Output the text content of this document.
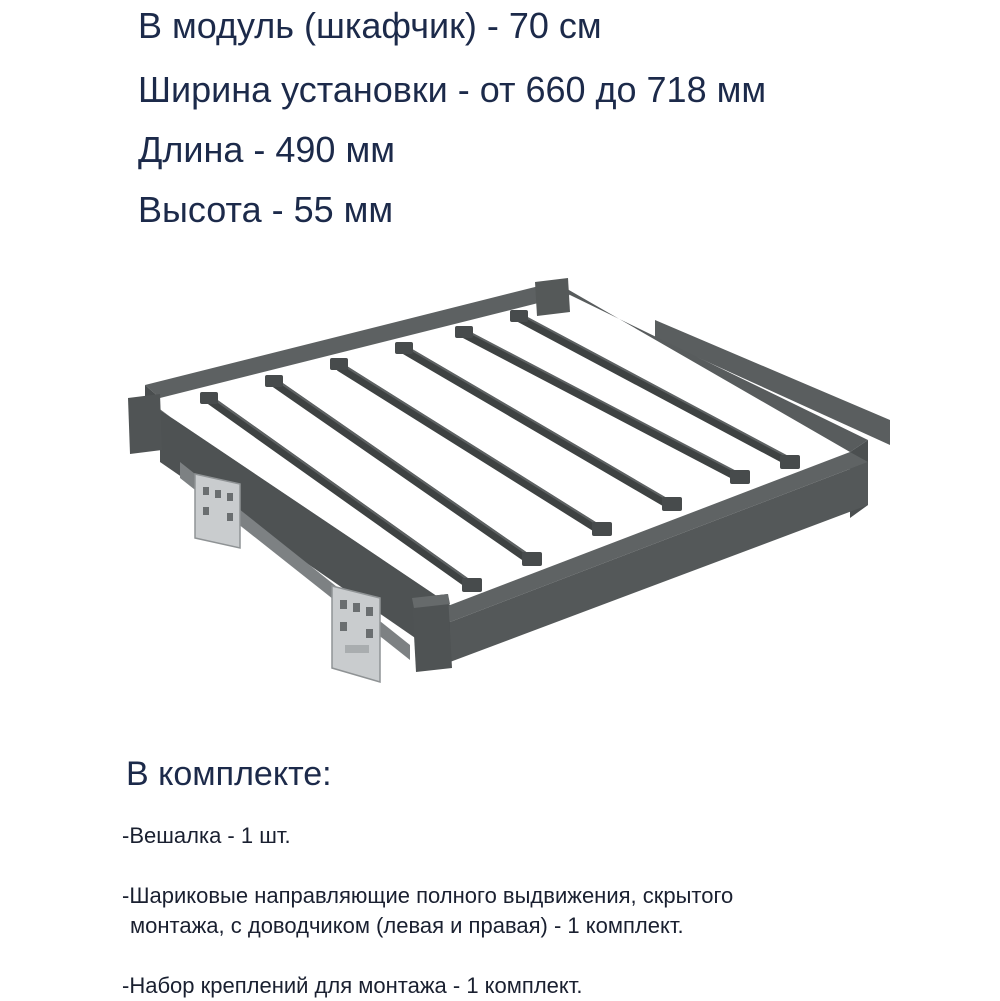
В модуль (шкафчик) - 70 см
Ширина установки - от 660 до 718 мм
Длина - 490 мм
Высота - 55 мм
В комплекте:
-Вешалка - 1 шт.
-Шариковые направляющие полного выдвижения, скрытого
монтажа, с доводчиком (левая и правая) - 1 комплект.
-Набор креплений для монтажа - 1 комплект.
